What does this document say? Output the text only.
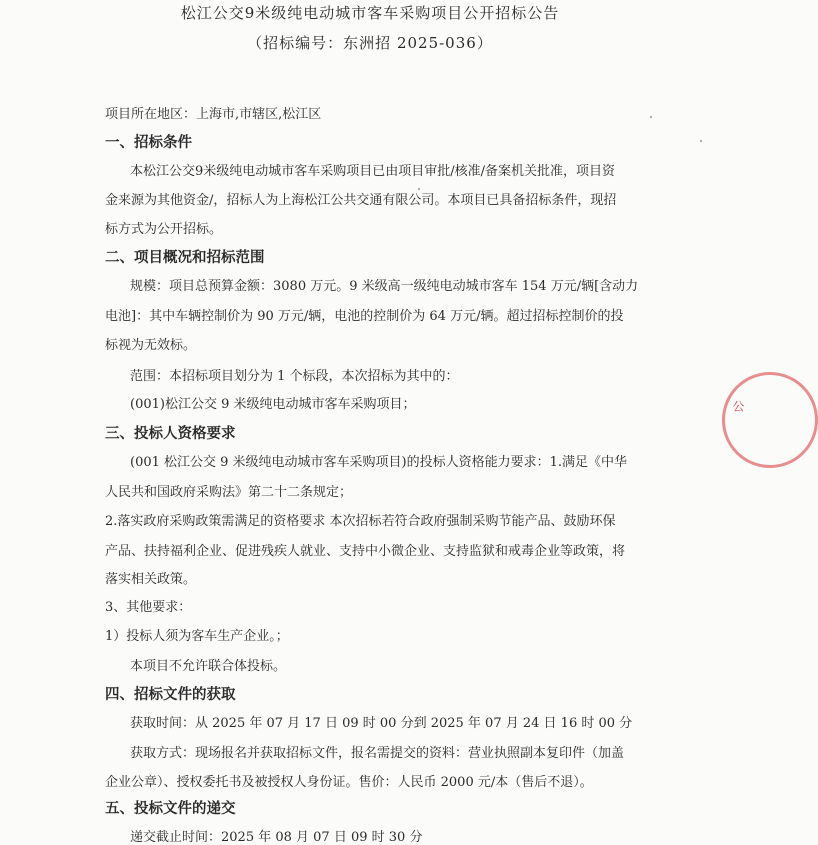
松江公交9米级纯电动城市客车采购项目公开招标公告
（招标编号：东洲招 2025-036）
项目所在地区：上海市,市辖区,松江区
一、招标条件
本松江公交9米级纯电动城市客车采购项目已由项目审批/核准/备案机关批准，项目资
金来源为其他资金/，招标人为上海松江公共交通有限公司。本项目已具备招标条件，现招
标方式为公开招标。
二、项目概况和招标范围
规模：项目总预算金额：3080 万元。9 米级高一级纯电动城市客车 154 万元/辆[含动力
电池]：其中车辆控制价为 90 万元/辆，电池的控制价为 64 万元/辆。超过招标控制价的投
标视为无效标。
范围：本招标项目划分为 1 个标段，本次招标为其中的：
(001)松江公交 9 米级纯电动城市客车采购项目；
三、投标人资格要求
(001 松江公交 9 米级纯电动城市客车采购项目)的投标人资格能力要求：1.满足《中华
人民共和国政府采购法》第二十二条规定；
2.落实政府采购政策需满足的资格要求 本次招标若符合政府强制采购节能产品、鼓励环保
产品、扶持福利企业、促进残疾人就业、支持中小微企业、支持监狱和戒毒企业等政策，将
落实相关政策。
3、其他要求：
1）投标人须为客车生产企业。；
本项目不允许联合体投标。
四、招标文件的获取
获取时间：从 2025 年 07 月 17 日 09 时 00 分到 2025 年 07 月 24 日 16 时 00 分
获取方式：现场报名并获取招标文件，报名需提交的资料：营业执照副本复印件（加盖
企业公章）、授权委托书及被授权人身份证。售价：人民币 2000 元/本（售后不退）。
五、投标文件的递交
递交截止时间：2025 年 08 月 07 日 09 时 30 分
公
